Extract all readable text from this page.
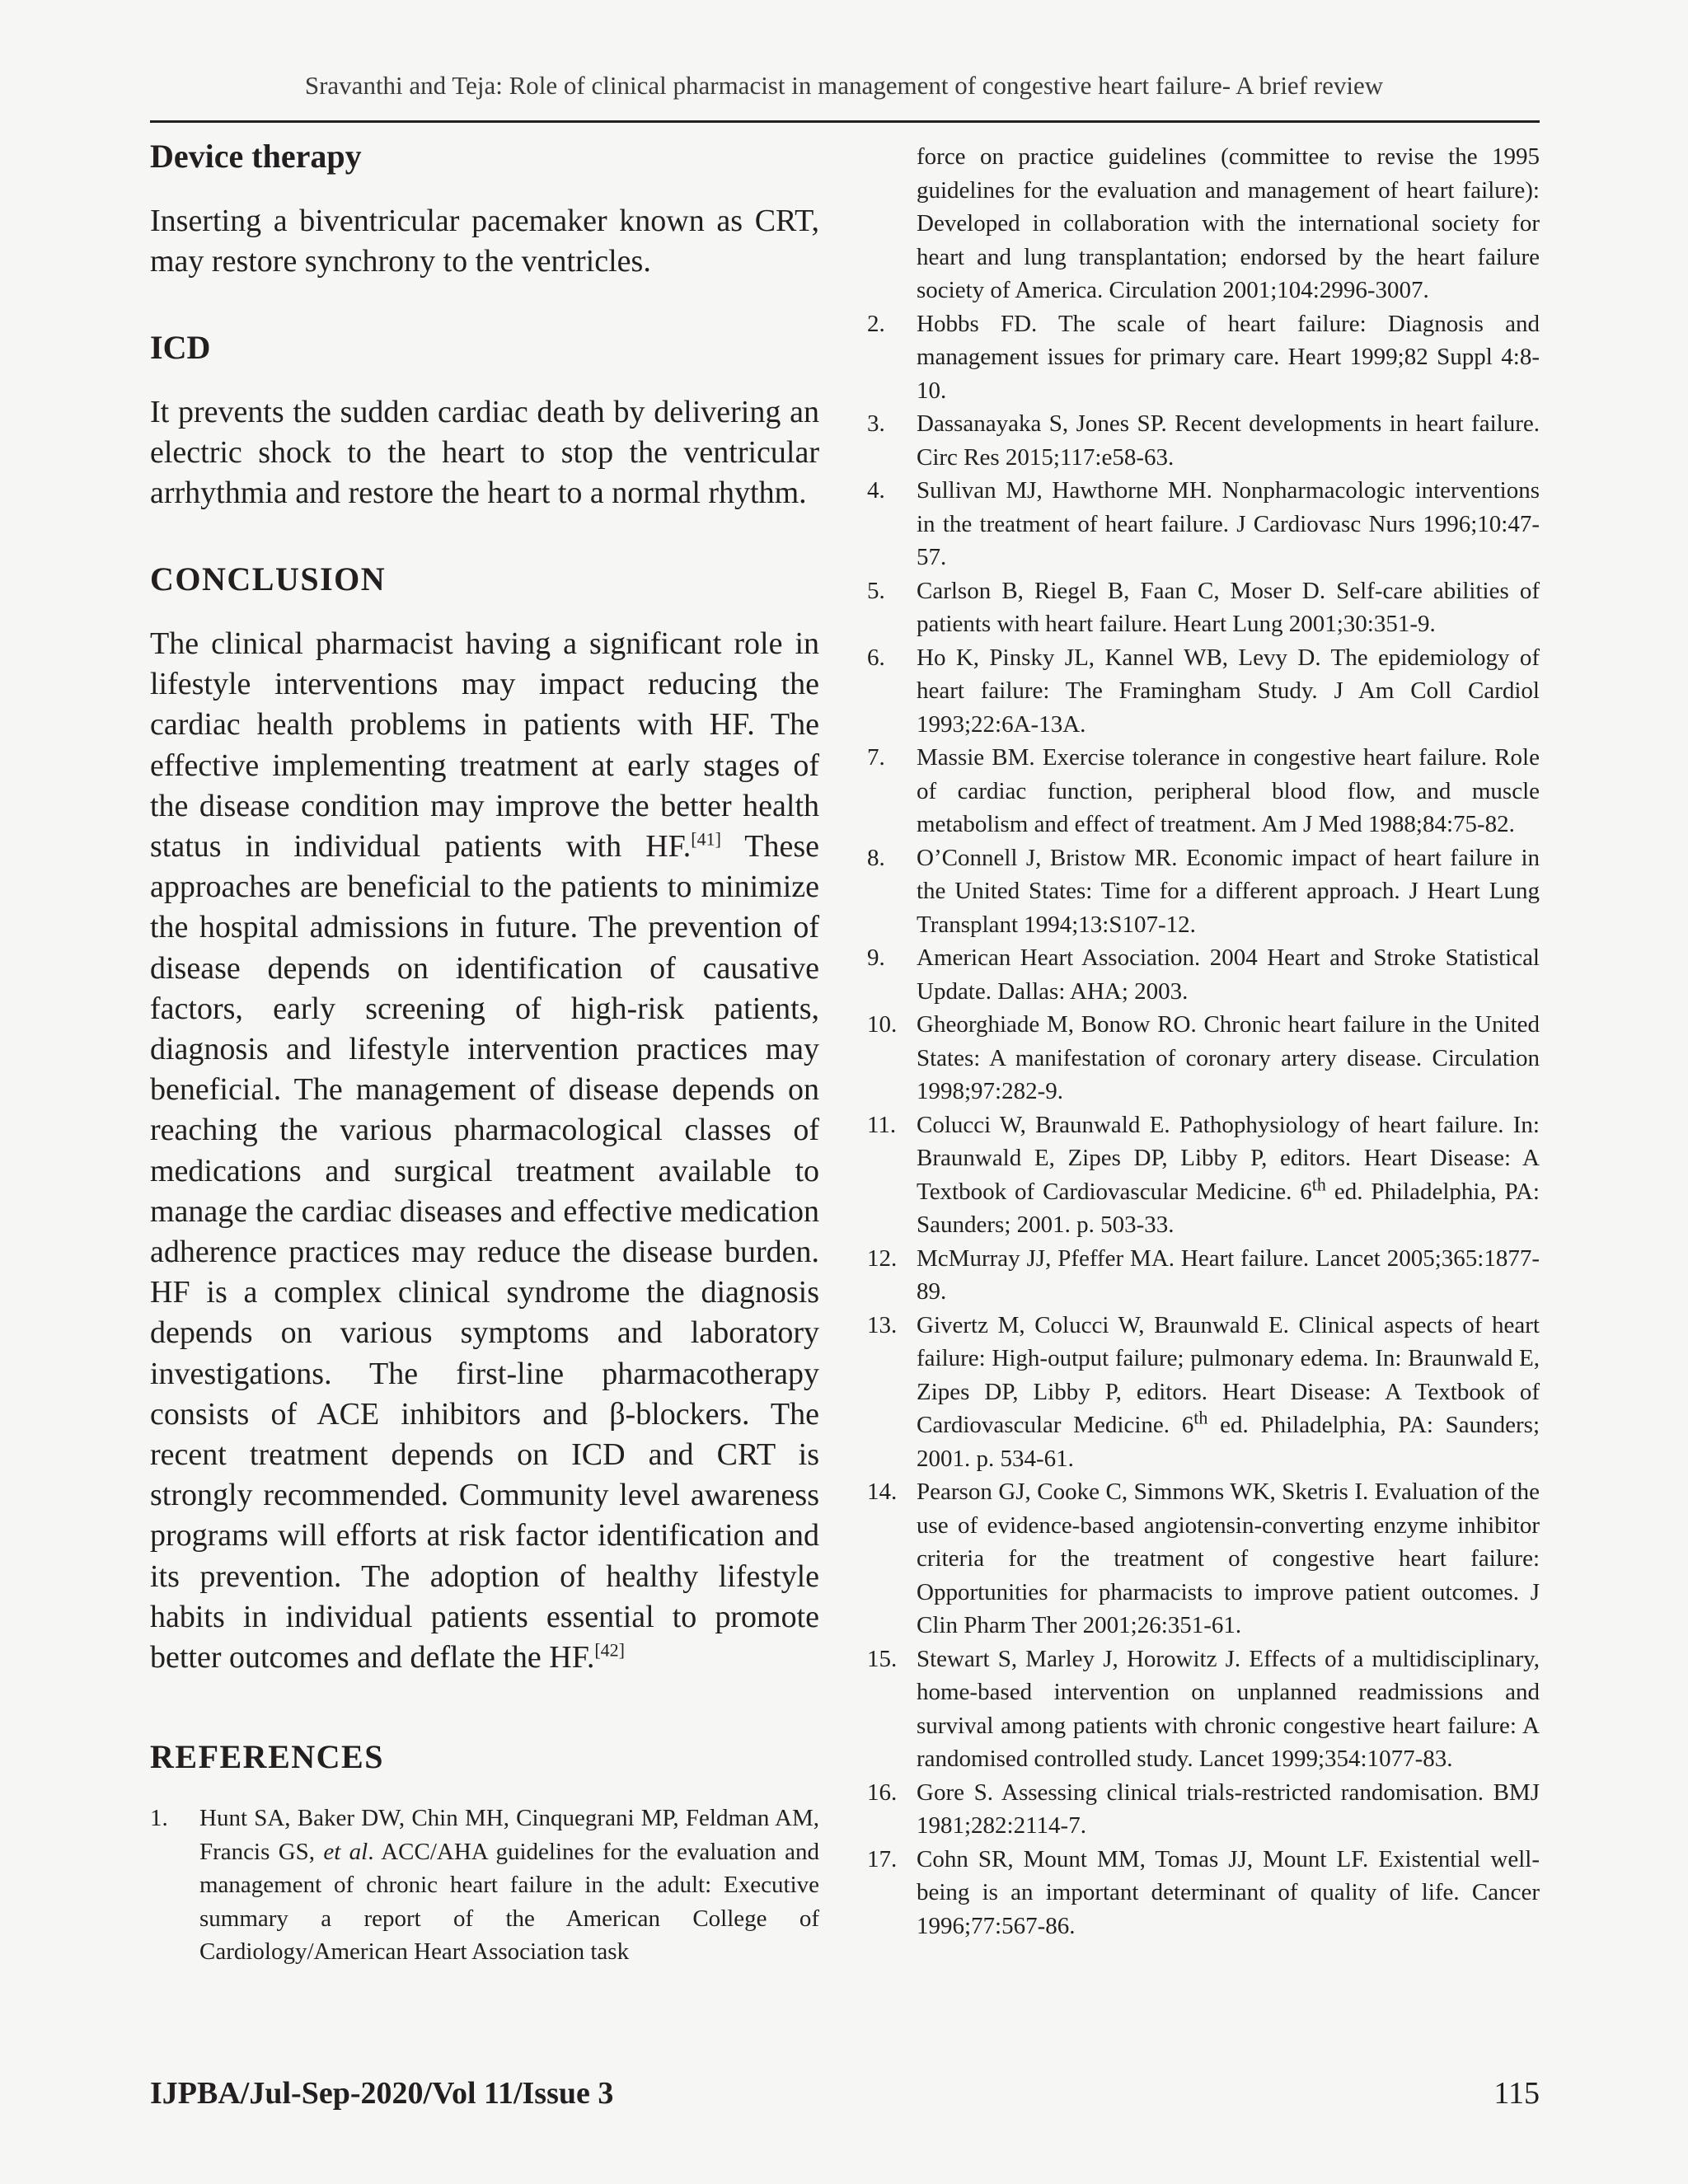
Sravanthi and Teja: Role of clinical pharmacist in management of congestive heart failure- A brief review
Device therapy

Inserting a biventricular pacemaker known as CRT, may restore synchrony to the ventricles.

ICD

It prevents the sudden cardiac death by delivering an electric shock to the heart to stop the ventricular arrhythmia and restore the heart to a normal rhythm.

CONCLUSION

The clinical pharmacist having a significant role in lifestyle interventions may impact reducing the cardiac health problems in patients with HF. The effective implementing treatment at early stages of the disease condition may improve the better health status in individual patients with HF.[41] These approaches are beneficial to the patients to minimize the hospital admissions in future. The prevention of disease depends on identification of causative factors, early screening of high-risk patients, diagnosis and lifestyle intervention practices may beneficial. The management of disease depends on reaching the various pharmacological classes of medications and surgical treatment available to manage the cardiac diseases and effective medication adherence practices may reduce the disease burden. HF is a complex clinical syndrome the diagnosis depends on various symptoms and laboratory investigations. The first-line pharmacotherapy consists of ACE inhibitors and β-blockers. The recent treatment depends on ICD and CRT is strongly recommended. Community level awareness programs will efforts at risk factor identification and its prevention. The adoption of healthy lifestyle habits in individual patients essential to promote better outcomes and deflate the HF.[42]

REFERENCES
1. Hunt SA, Baker DW, Chin MH, Cinquegrani MP, Feldman AM, Francis GS, et al. ACC/AHA guidelines for the evaluation and management of chronic heart failure in the adult: Executive summary a report of the American College of Cardiology/American Heart Association task
force on practice guidelines (committee to revise the 1995 guidelines for the evaluation and management of heart failure): Developed in collaboration with the international society for heart and lung transplantation; endorsed by the heart failure society of America. Circulation 2001;104:2996-3007.
2. Hobbs FD. The scale of heart failure: Diagnosis and management issues for primary care. Heart 1999;82 Suppl 4:8-10.
3. Dassanayaka S, Jones SP. Recent developments in heart failure. Circ Res 2015;117:e58-63.
4. Sullivan MJ, Hawthorne MH. Nonpharmacologic interventions in the treatment of heart failure. J Cardiovasc Nurs 1996;10:47-57.
5. Carlson B, Riegel B, Faan C, Moser D. Self-care abilities of patients with heart failure. Heart Lung 2001;30:351-9.
6. Ho K, Pinsky JL, Kannel WB, Levy D. The epidemiology of heart failure: The Framingham Study. J Am Coll Cardiol 1993;22:6A-13A.
7. Massie BM. Exercise tolerance in congestive heart failure. Role of cardiac function, peripheral blood flow, and muscle metabolism and effect of treatment. Am J Med 1988;84:75-82.
8. O’Connell J, Bristow MR. Economic impact of heart failure in the United States: Time for a different approach. J Heart Lung Transplant 1994;13:S107-12.
9. American Heart Association. 2004 Heart and Stroke Statistical Update. Dallas: AHA; 2003.
10. Gheorghiade M, Bonow RO. Chronic heart failure in the United States: A manifestation of coronary artery disease. Circulation 1998;97:282-9.
11. Colucci W, Braunwald E. Pathophysiology of heart failure. In: Braunwald E, Zipes DP, Libby P, editors. Heart Disease: A Textbook of Cardiovascular Medicine. 6th ed. Philadelphia, PA: Saunders; 2001. p. 503-33.
12. McMurray JJ, Pfeffer MA. Heart failure. Lancet 2005;365:1877-89.
13. Givertz M, Colucci W, Braunwald E. Clinical aspects of heart failure: High-output failure; pulmonary edema. In: Braunwald E, Zipes DP, Libby P, editors. Heart Disease: A Textbook of Cardiovascular Medicine. 6th ed. Philadelphia, PA: Saunders; 2001. p. 534-61.
14. Pearson GJ, Cooke C, Simmons WK, Sketris I. Evaluation of the use of evidence-based angiotensin-converting enzyme inhibitor criteria for the treatment of congestive heart failure: Opportunities for pharmacists to improve patient outcomes. J Clin Pharm Ther 2001;26:351-61.
15. Stewart S, Marley J, Horowitz J. Effects of a multidisciplinary, home-based intervention on unplanned readmissions and survival among patients with chronic congestive heart failure: A randomised controlled study. Lancet 1999;354:1077-83.
16. Gore S. Assessing clinical trials-restricted randomisation. BMJ 1981;282:2114-7.
17. Cohn SR, Mount MM, Tomas JJ, Mount LF. Existential well-being is an important determinant of quality of life. Cancer 1996;77:567-86.
IJPBA/Jul-Sep-2020/Vol 11/Issue 3	115
